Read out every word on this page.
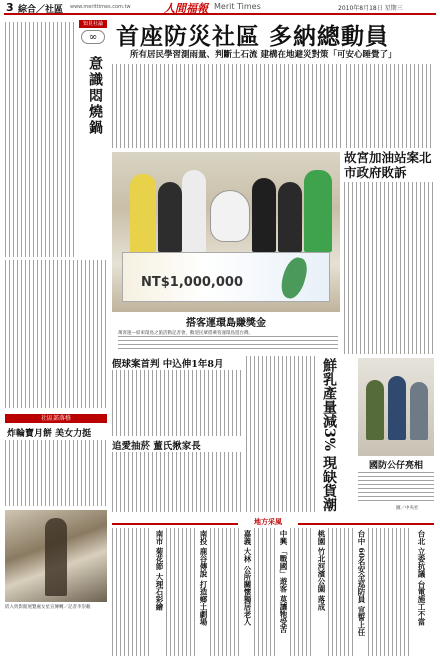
3 綜合／社區 www.merittimes.com.tw	人間福報 Merit Times	2010年8月18日 星期三
知見社論
∞
意識悶燒鍋
社區部落格
炸輪寶月餅 美女力挺
嵌入剪影館展覽處女星宣傳轉／記者李崇賴
首座防災社區 多納總動員
所有居民學習測雨量、判斷土石流 建構在地避災對策「可安心睡覺了」
NT$1,000,000
搭客運環島賺獎金
萬客運—結束環島之旅活動記者會，歡迎民眾搭乘客運環島遊台灣。
故宮加油站案北市政府敗訴
假球案首判 中込伸1年8月
追愛抽菸 董氏揪家長	鮮乳產量減3% 現缺貨潮	國防公仔亮相
圖／中央社
地方采風
南市 菊花節 大理石彩繪	南投 鹿谷傳說 打造鄉土劇場	嘉義 大林 公所關懷獨居老人	中興 「戰國」遊客 莫讓牠受苦	桃園 竹北河濱公園 落成	台中 60名安全巡防員 宣誓上任	台北 立委抗議 台電施工不當
